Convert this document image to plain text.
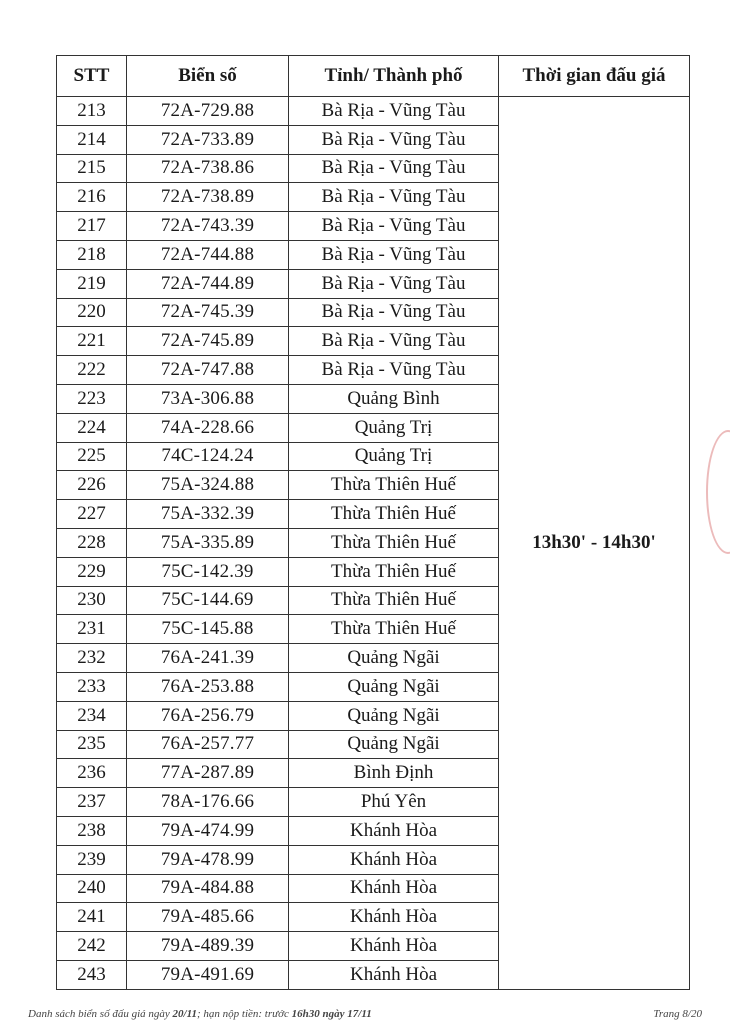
STT	Biển số	Tỉnh/ Thành phố	Thời gian đấu giá
213	72A-729.88	Bà Rịa - Vũng Tàu	13h30' - 14h30'
214	72A-733.89	Bà Rịa - Vũng Tàu	
215	72A-738.86	Bà Rịa - Vũng Tàu	
216	72A-738.89	Bà Rịa - Vũng Tàu	
217	72A-743.39	Bà Rịa - Vũng Tàu	
218	72A-744.88	Bà Rịa - Vũng Tàu	
219	72A-744.89	Bà Rịa - Vũng Tàu	
220	72A-745.39	Bà Rịa - Vũng Tàu	
221	72A-745.89	Bà Rịa - Vũng Tàu	
222	72A-747.88	Bà Rịa - Vũng Tàu	
223	73A-306.88	Quảng Bình	
224	74A-228.66	Quảng Trị	
225	74C-124.24	Quảng Trị	
226	75A-324.88	Thừa Thiên Huế	
227	75A-332.39	Thừa Thiên Huế	
228	75A-335.89	Thừa Thiên Huế	
229	75C-142.39	Thừa Thiên Huế	
230	75C-144.69	Thừa Thiên Huế	
231	75C-145.88	Thừa Thiên Huế	
232	76A-241.39	Quảng Ngãi	
233	76A-253.88	Quảng Ngãi	
234	76A-256.79	Quảng Ngãi	
235	76A-257.77	Quảng Ngãi	
236	77A-287.89	Bình Định	
237	78A-176.66	Phú Yên	
238	79A-474.99	Khánh Hòa	
239	79A-478.99	Khánh Hòa	
240	79A-484.88	Khánh Hòa	
241	79A-485.66	Khánh Hòa	
242	79A-489.39	Khánh Hòa	
243	79A-491.69	Khánh Hòa	
Danh sách biển số đấu giá ngày 20/11; hạn nộp tiền: trước 16h30 ngày 17/11	Trang 8/20
